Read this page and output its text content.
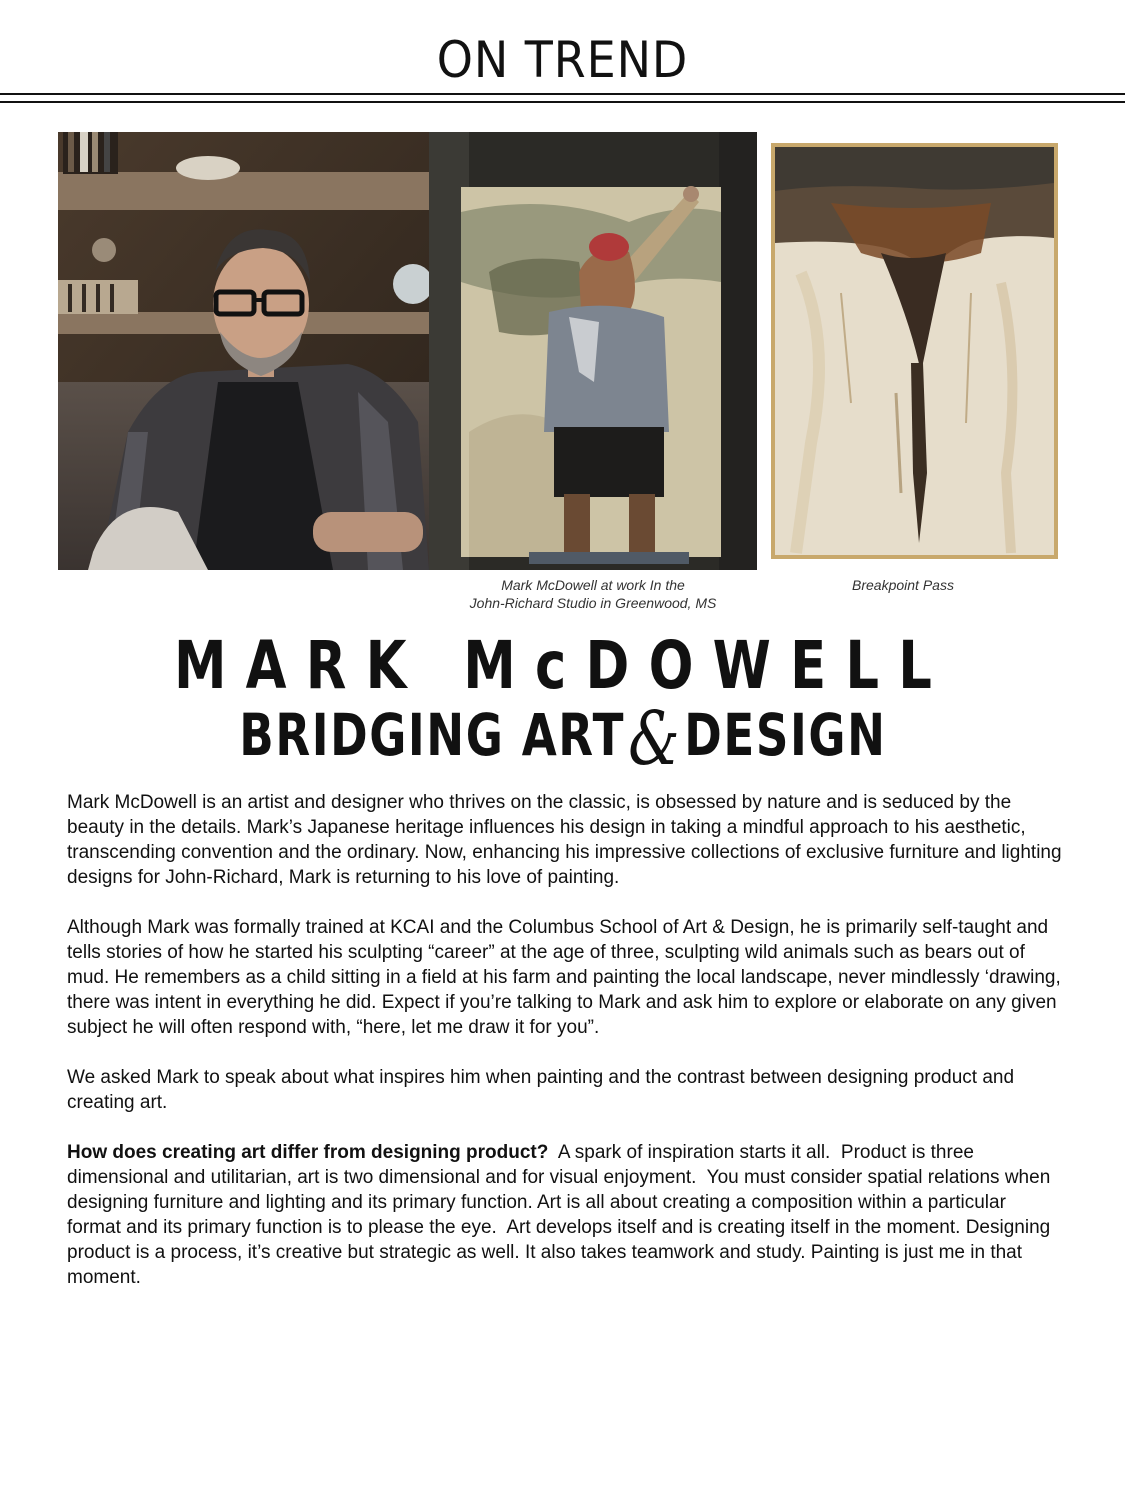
ON TREND

Mark McDowell at work In the
John-Richard Studio in Greenwood, MS

Breakpoint Pass

MARK McDOWELL
BRIDGING ART & DESIGN

Mark McDowell is an artist and designer who thrives on the classic, is obsessed by nature and is seduced by the beauty in the details. Mark’s Japanese heritage influences his design in taking a mindful approach to his aesthetic, transcending convention and the ordinary. Now, enhancing his impressive collections of exclusive furniture and lighting designs for John-Richard, Mark is returning to his love of painting.

Although Mark was formally trained at KCAI and the Columbus School of Art & Design, he is primarily self-taught and tells stories of how he started his sculpting “career” at the age of three, sculpting wild animals such as bears out of mud. He remembers as a child sitting in a field at his farm and painting the local landscape, never mindlessly ‘drawing, there was intent in everything he did. Expect if you’re talking to Mark and ask him to explore or elaborate on any given subject he will often respond with, “here, let me draw it for you”.

We asked Mark to speak about what inspires him when painting and the contrast between designing product and creating art.

How does creating art differ from designing product?  A spark of inspiration starts it all.  Product is three dimensional and utilitarian, art is two dimensional and for visual enjoyment.  You must consider spatial relations when designing furniture and lighting and its primary function. Art is all about creating a composition within a particular format and its primary function is to please the eye.  Art develops itself and is creating itself in the moment. Designing product is a process, it’s creative but strategic as well. It also takes teamwork and study. Painting is just me in that moment.
